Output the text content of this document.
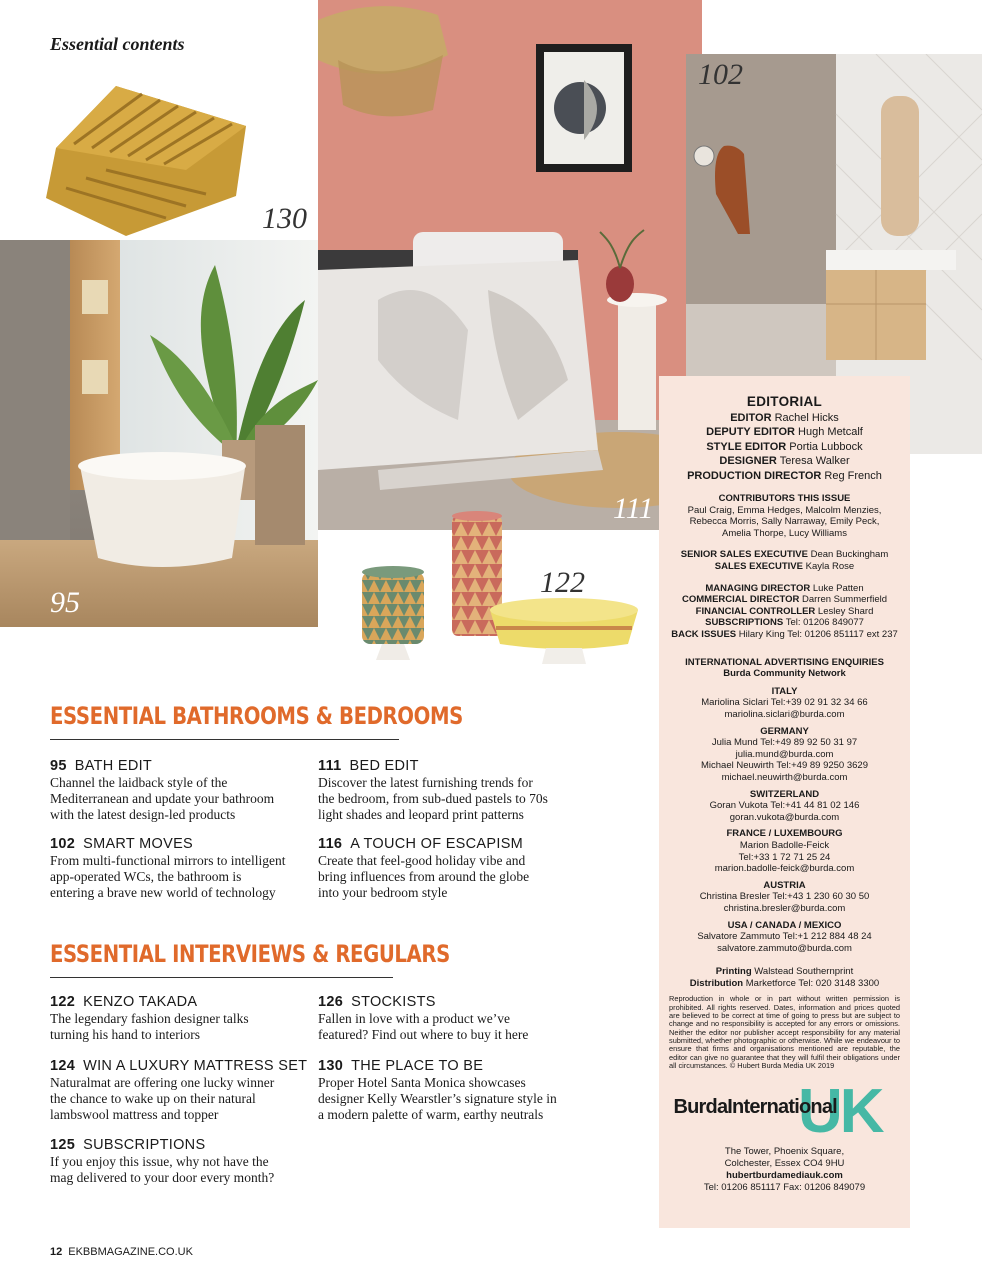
Essential contents
95
130
111
102
122
ESSENTIAL BATHROOMS & BEDROOMS
95 BATH EDIT
Channel the laidback style of the
Mediterranean and update your bathroom
with the latest design-led products
111 BED EDIT
Discover the latest furnishing trends for
the bedroom, from sub-dued pastels to 70s
light shades and leopard print patterns
102 SMART MOVES
From multi-functional mirrors to intelligent
app-operated WCs, the bathroom is
entering a brave new world of technology
116 A TOUCH OF ESCAPISM
Create that feel-good holiday vibe and
bring influences from around the globe
into your bedroom style
ESSENTIAL INTERVIEWS & REGULARS
122 KENZO TAKADA
The legendary fashion designer talks
turning his hand to interiors
126 STOCKISTS
Fallen in love with a product we’ve
featured? Find out where to buy it here
124 WIN A LUXURY MATTRESS SET
Naturalmat are offering one lucky winner
the chance to wake up on their natural
lambswool mattress and topper
130 THE PLACE TO BE
Proper Hotel Santa Monica showcases
designer Kelly Wearstler’s signature style in
a modern palette of warm, earthy neutrals
125 SUBSCRIPTIONS
If you enjoy this issue, why not have the
mag delivered to your door every month?
EDITORIAL
EDITOR Rachel Hicks
DEPUTY EDITOR Hugh Metcalf
STYLE EDITOR Portia Lubbock
DESIGNER Teresa Walker
PRODUCTION DIRECTOR Reg French
CONTRIBUTORS THIS ISSUE
Paul Craig, Emma Hedges, Malcolm Menzies,
Rebecca Morris, Sally Narraway, Emily Peck,
Amelia Thorpe, Lucy Williams
SENIOR SALES EXECUTIVE Dean Buckingham
SALES EXECUTIVE Kayla Rose
MANAGING DIRECTOR Luke Patten
COMMERCIAL DIRECTOR Darren Summerfield
FINANCIAL CONTROLLER Lesley Shard
SUBSCRIPTIONS Tel: 01206 849077
BACK ISSUES Hilary King Tel: 01206 851117 ext 237
INTERNATIONAL ADVERTISING ENQUIRIES
Burda Community Network
ITALY
Mariolina Siclari Tel:+39 02 91 32 34 66
mariolina.siclari@burda.com
GERMANY
Julia Mund Tel:+49 89 92 50 31 97
julia.mund@burda.com
Michael Neuwirth Tel:+49 89 9250 3629
michael.neuwirth@burda.com
SWITZERLAND
Goran Vukota Tel:+41 44 81 02 146
goran.vukota@burda.com
FRANCE / LUXEMBOURG
Marion Badolle-Feick
Tel:+33 1 72 71 25 24
marion.badolle-feick@burda.com
AUSTRIA
Christina Bresler Tel:+43 1 230 60 30 50
christina.bresler@burda.com
USA / CANADA / MEXICO
Salvatore Zammuto Tel:+1 212 884 48 24
salvatore.zammuto@burda.com
Printing Walstead Southernprint
Distribution Marketforce Tel: 020 3148 3300
Reproduction in whole or in part without written permission is prohibited. All rights reserved. Dates, information and prices quoted are believed to be correct at time of going to press but are subject to change and no responsibility is accepted for any errors or omissions. Neither the editor nor publisher accept responsibility for any material submitted, whether photographic or otherwise. While we endeavour to ensure that firms and organisations mentioned are reputable, the editor can give no guarantee that they will fulfil their obligations under all circumstances. © Hubert Burda Media UK 2019
UK
BurdaInternational
The Tower, Phoenix Square,
Colchester, Essex CO4 9HU
hubertburdamediauk.com
Tel: 01206 851117 Fax: 01206 849079
12 EKBBMAGAZINE.CO.UK
